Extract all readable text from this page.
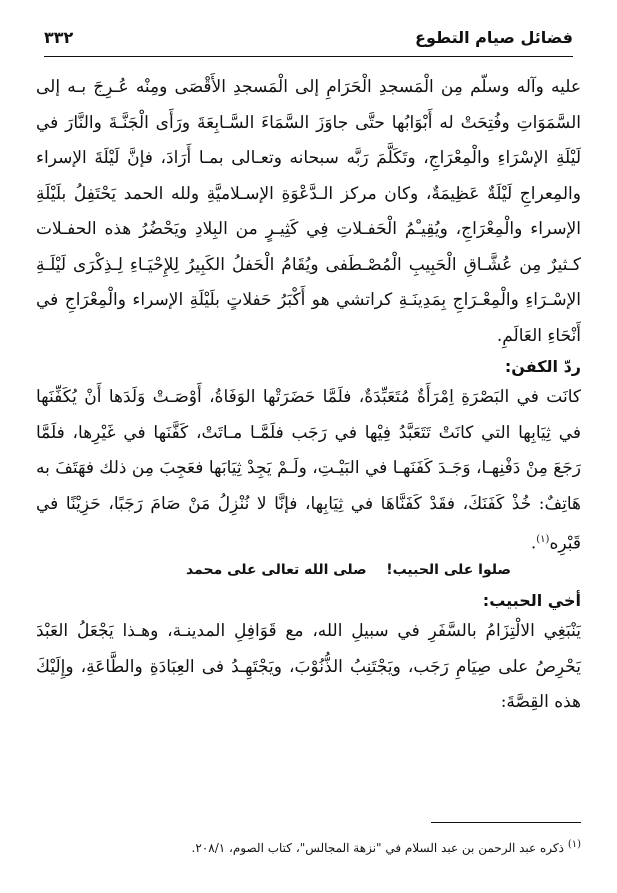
فضائل صيام التطوع
٣٣٢

عليه وآله وسلّم مِن الْمَسجدِ الْحَرَامِ إلى الْمَسجدِ الأَقْصَى ومِنْه عُـرِجَ بـه إلى السَّمَوَاتِ وفُتِحَتْ له أَبْوَابُها حتَّى جاوَزَ السَّمَاءَ السَّـابِعَةَ ورَأَى الْجَنَّـةَ والنَّارَ في لَيْلَةِ الإسْرَاءِ والْمِعْرَاجِ، وتَكَلَّمَ رَبَّه سبحانه وتعـالى بمـا أَرَادَ، فإنَّ لَيْلَةَ الإسراء والمِعراجِ لَيْلَةٌ عَظِيمَةٌ، وكان مركز الـدَّعْوَةِ الإسـلاميَّةِ ولله الحمد يَحْتَفِلُ بلَيْلَةِ الإسراء والْمِعْرَاجِ، ويُقِيـْمُ الْحَفـلاتِ فِي كَثِيـرٍ من البِلادِ ويَحْضُرُ هذه الحفـلات كـثيرٌ مِن عُشَّـاقِ الْحَبِيبِ الْمُصْـطَفى ويُقَامُ الْحَفلُ الكَبِيرُ لِلإِحْيَـاءِ لِـذِكْرَى لَيْلَـةِ الإسْـرَاءِ والْمِعْـرَاجِ بِمَدِينَـةِ كراتشي هو أَكْبَرُ حَفلاتٍ بلَيْلَةِ الإسراء والْمِعْرَاجِ في أَنْحَاءِ العَالَمِ.

ردّ الكفن:

كانَت في البَصْرَةِ اِمْرَأَةٌ مُتَعَبِّدَةٌ، فلَمَّا حَضَرَتْها الوَفَاةُ، أَوْصَـتْ وَلَدَها أَنْ يُكَفِّنَها في ثِيَابِها التي كانَتْ تَتَعَبَّدُ فِيْها في رَجَب فلَمَّـا مـاتَتْ، كَفَّنَها في غَيْرِها، فلَمَّا رَجَعَ مِنْ دَفْنِهـا، وَجَـدَ كَفَنَهـا في البَيْـتِ، ولَـمْ يَجِدْ ثِيَابَها فعَجِبَ مِن ذلك فهَتَفَ به هَاتِفٌ: خُذْ كَفَنَكَ، فقَدْ كَفَنَّاهَا في ثِيَابِها، فإنَّا لا نُنْزِلُ مَنْ صَامَ رَجَبًا، حَزِيْنًا في قَبْرِه$^{(١)}$.

صلوا على الحبيب!
صلى الله تعالى على محمد

أخي الحبيب:

يَنْبَغِي الالْتِزَامُ بالسَّفَرِ في سبيلِ الله، مع قَوَافِلِ المدينـة، وهـذا يَجْعَلُ العَبْدَ يَحْرِصُ على صِيَامِ رَجَب، ويَجْتَنِبُ الذُّنُوْبَ، ويَجْتَهِـدُ فى العِبَادَةِ والطَّاعَةِ، وإِلَيْكَ هذه القِصَّةَ:

$^{(١)}$ ذكره عبد الرحمن بن عبد السلام في "نزهة المجالس"، كتاب الصوم، ٢٠٨/١.
